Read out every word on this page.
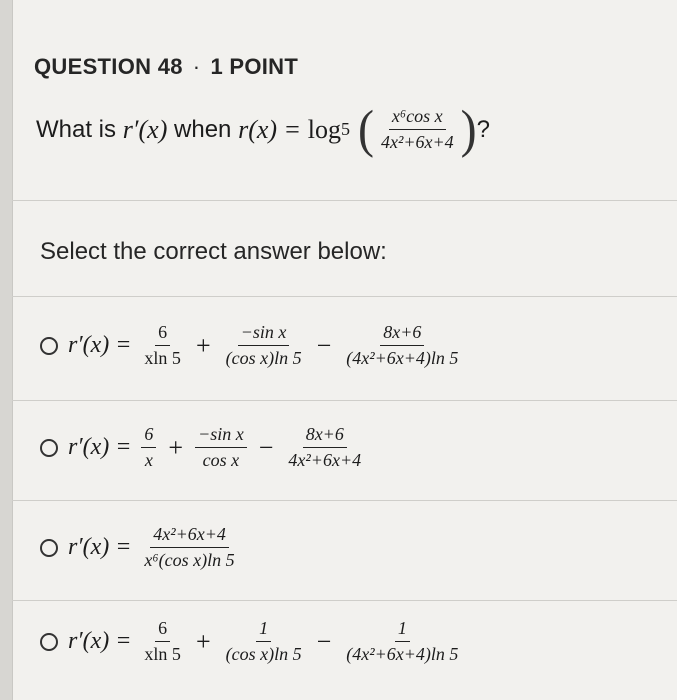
QUESTION 48 · 1 POINT
What is
r′(x)
when
r(x) = log 5 ( $\frac{\text{x⁶cos x}}{\text{4x²+6x+4}}$ ) ?
Select the correct answer below:
$r'(x) = \frac{6}{xln 5} + \frac{\text{−sin x}}{\text{(cos x)ln 5}} - \frac{8x+6}{\text{(4x²+6x+4)ln 5}}$
$r'(x) = \frac{6}{x} + \frac{\text{−sin x}}{\text{cos x}} - \frac{8x+6}{\text{4x²+6x+4}}$
$r'(x) = \frac{\text{4x²+6x+4}}{\text{x⁶(cos x)ln 5}}$
$r'(x) = \frac{6}{xln 5} + \frac{1}{\text{(cos x)ln 5}} - \frac{1}{\text{(4x²+6x+4)ln 5}}$
